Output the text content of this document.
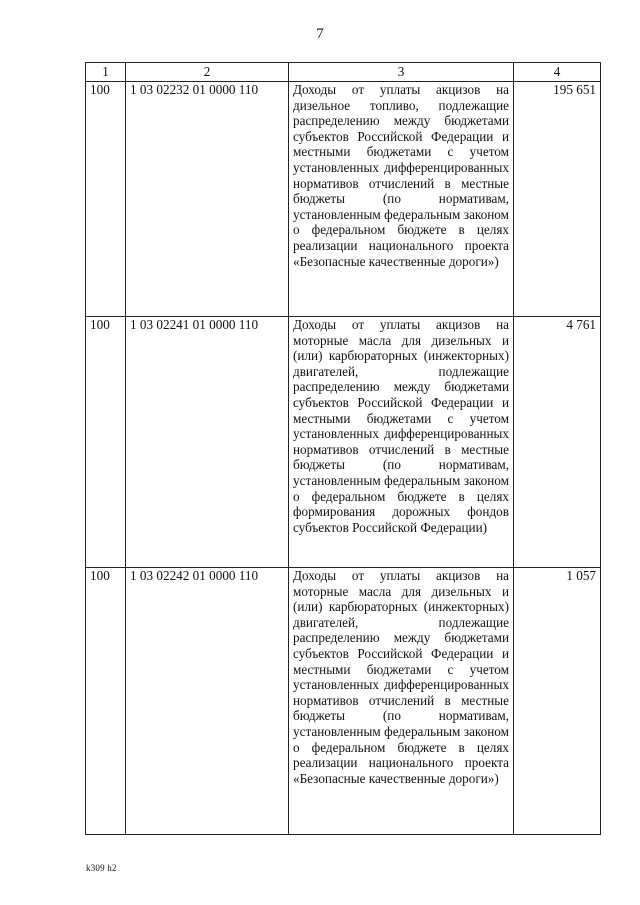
7
1	2	3	4
100	1 03 02232 01 0000 110	Доходы от уплаты акцизов на дизельное топливо, подлежащие распределению между бюджетами субъектов Российской Федерации и местными бюджетами с учетом установленных дифференцированных нормативов отчислений в местные бюджеты (по нормативам, установленным федеральным законом о федеральном бюджете в целях реализации национального проекта «Безопасные качественные дороги»)	195 651
100	1 03 02241 01 0000 110	Доходы от уплаты акцизов на моторные масла для дизельных и (или) карбюраторных (инжекторных) двигателей, подлежащие распределению между бюджетами субъектов Российской Федерации и местными бюджетами с учетом установленных дифференцированных нормативов отчислений в местные бюджеты (по нормативам, установленным федеральным законом о федеральном бюджете в целях формирования дорожных фондов субъектов Российской Федерации)	4 761
100	1 03 02242 01 0000 110	Доходы от уплаты акцизов на моторные масла для дизельных и (или) карбюраторных (инжекторных) двигателей, подлежащие распределению между бюджетами субъектов Российской Федерации и местными бюджетами с учетом установленных дифференцированных нормативов отчислений в местные бюджеты (по нормативам, установленным федеральным законом о федеральном бюджете в целях реализации национального проекта «Безопасные качественные дороги»)	1 057
k309 h2
